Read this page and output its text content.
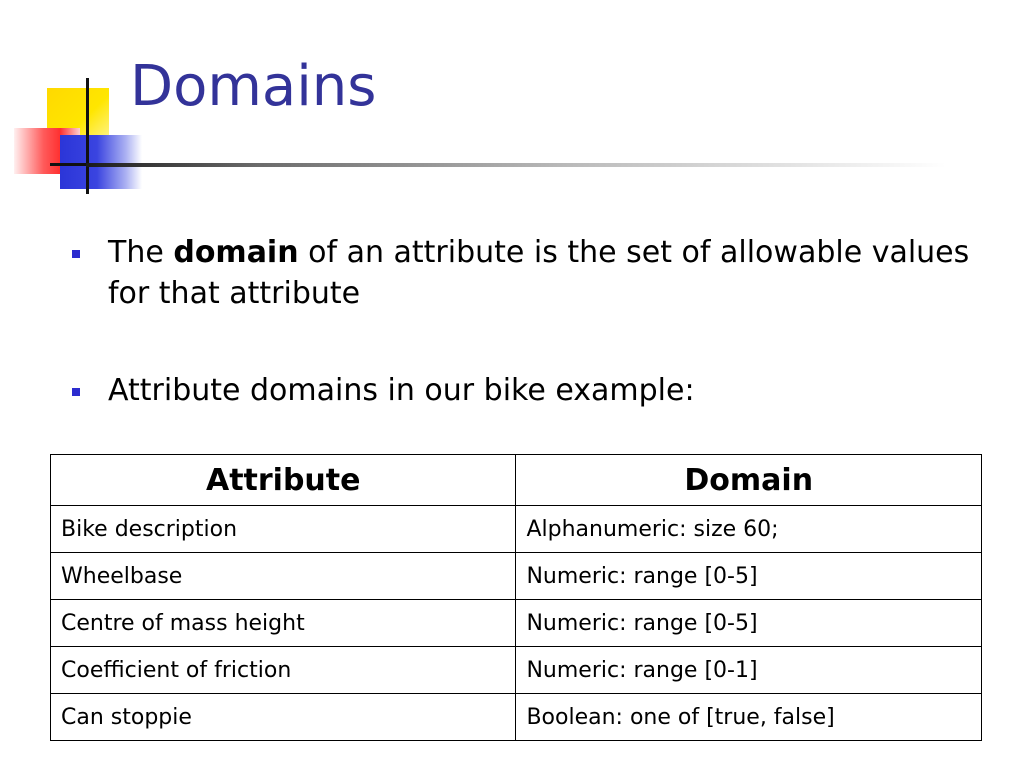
Domains
The domain of an attribute is the set of allowable values for that attribute
Attribute domains in our bike example:
Attribute	Domain
Bike description	Alphanumeric: size 60;
Wheelbase	Numeric: range [0-5]
Centre of mass height	Numeric: range [0-5]
Coefficient of friction	Numeric: range [0-1]
Can stoppie	Boolean: one of [true, false]
